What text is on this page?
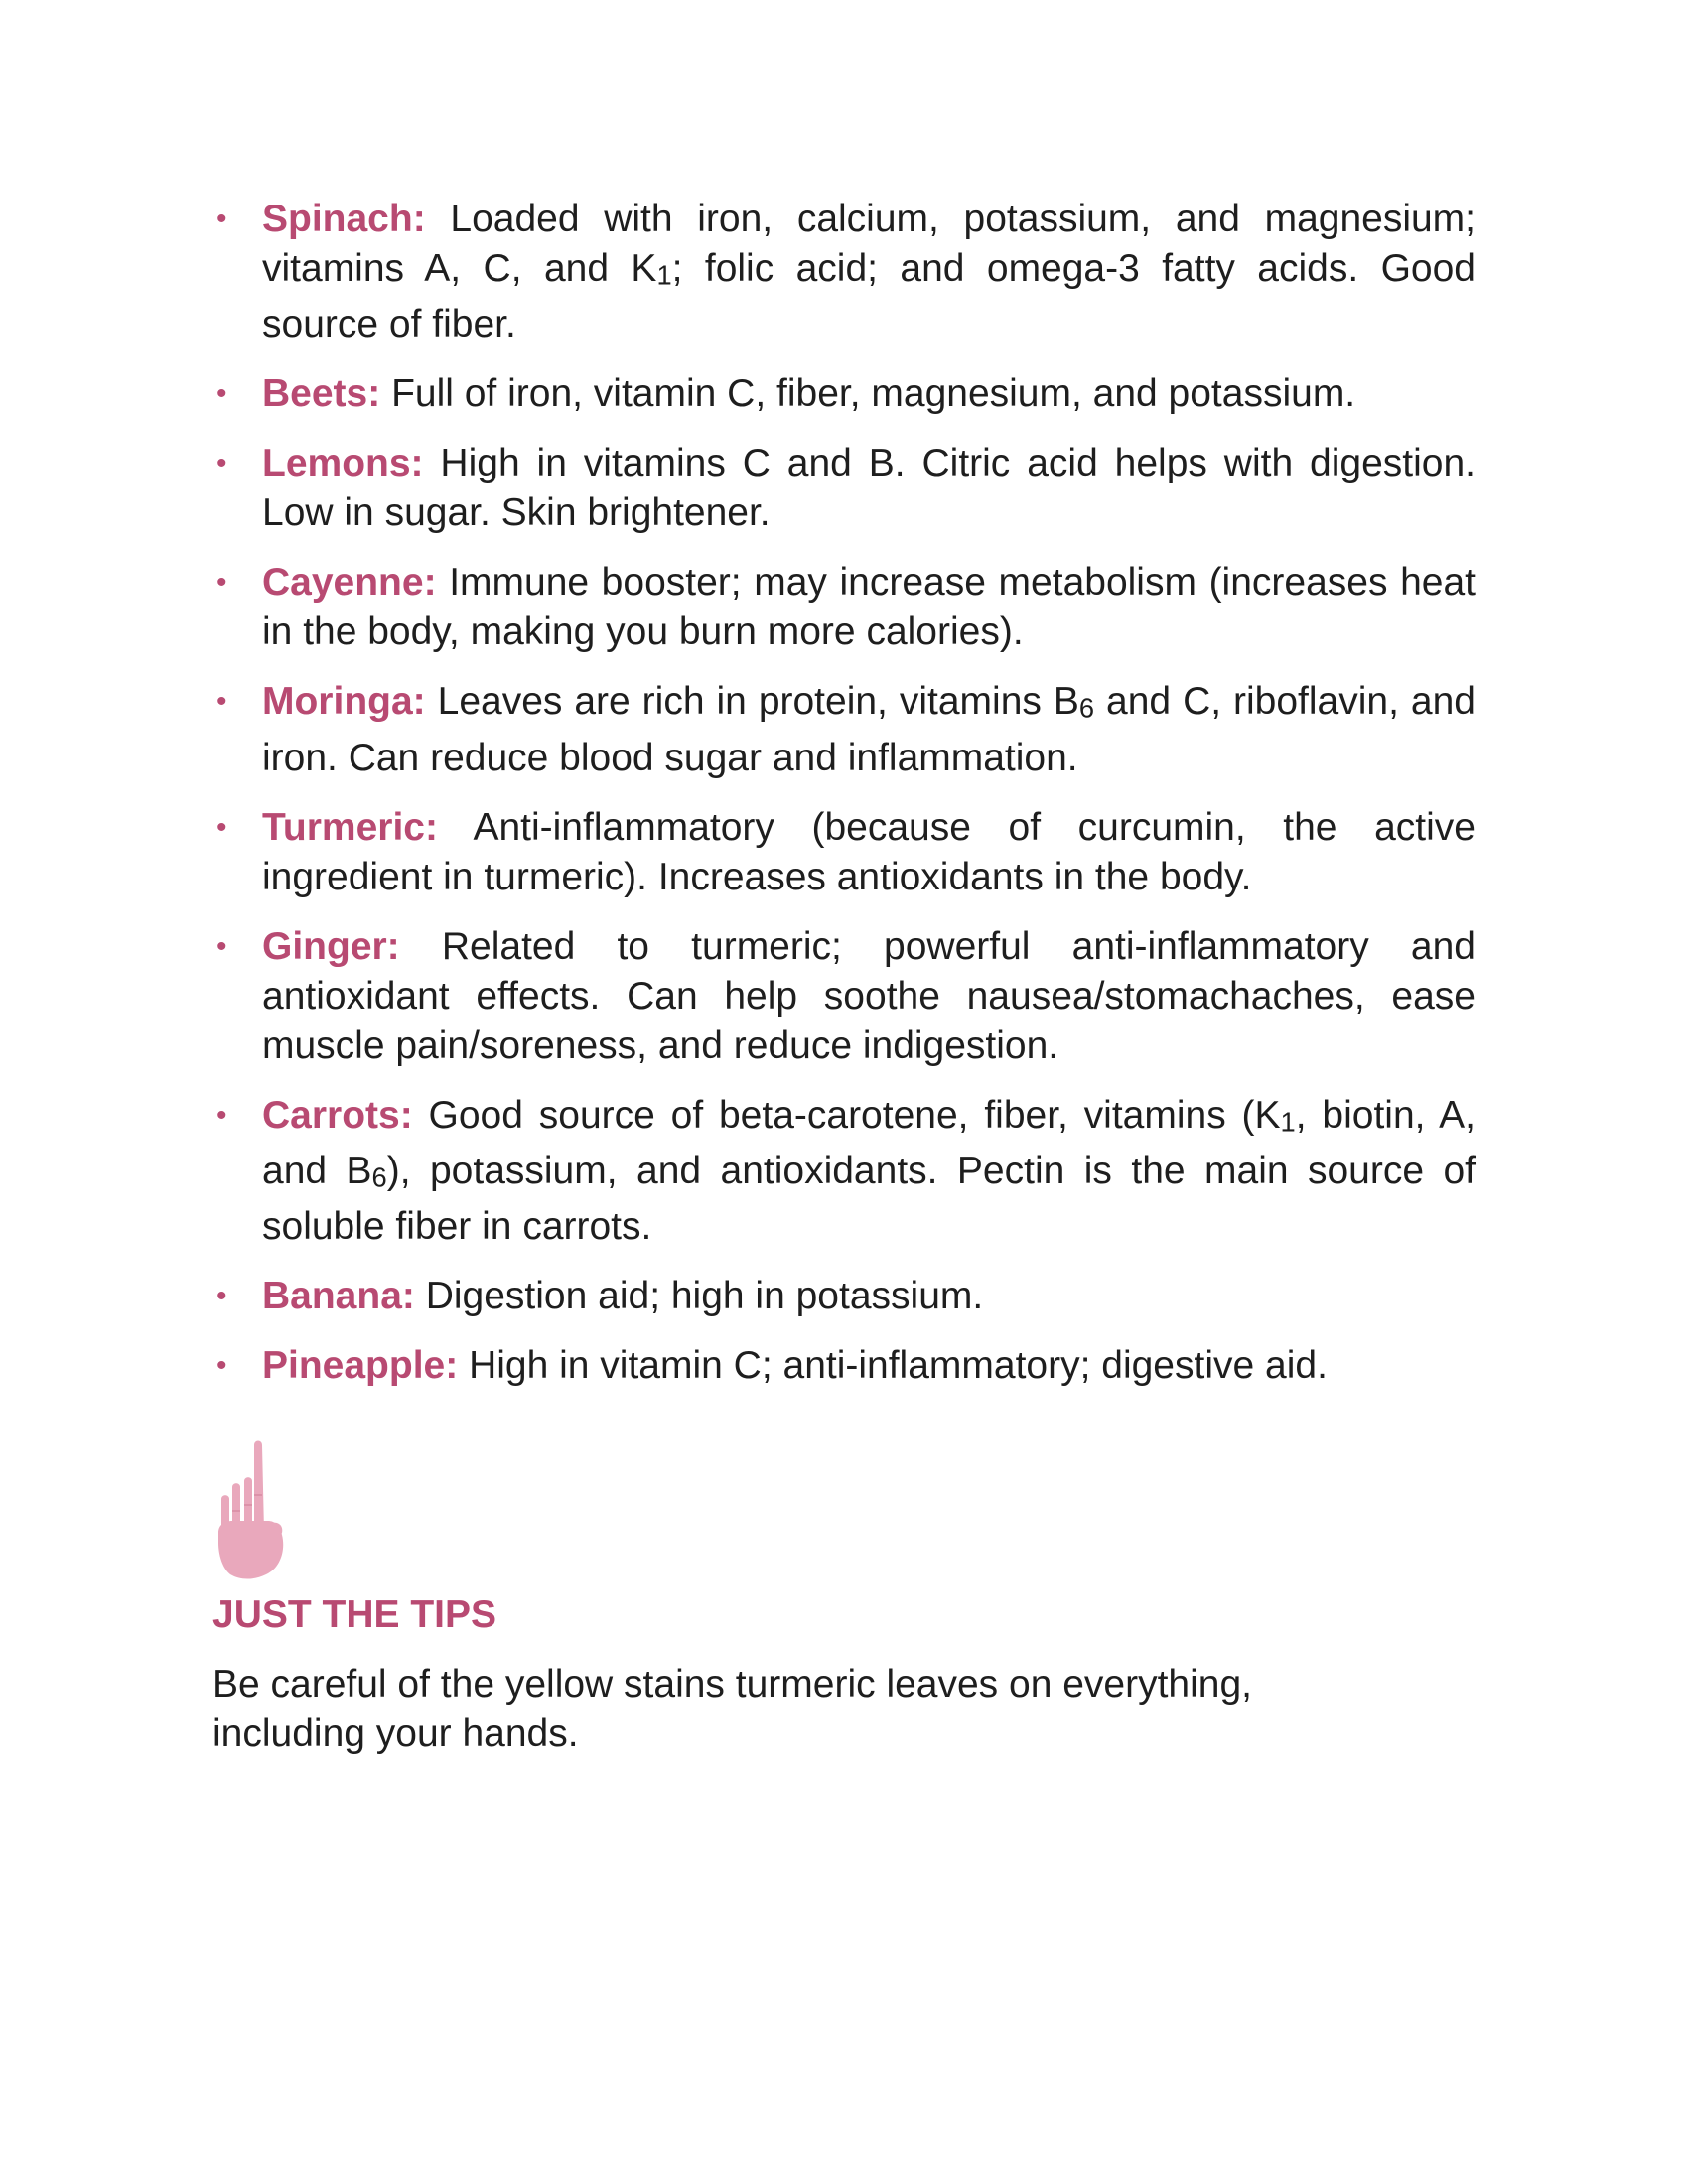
• Spinach: Loaded with iron, calcium, potassium, and magnesium; vitamins A, C, and K1; folic acid; and omega-3 fatty acids. Good source of fiber.
• Beets: Full of iron, vitamin C, fiber, magnesium, and potassium.
• Lemons: High in vitamins C and B. Citric acid helps with digestion. Low in sugar. Skin brightener.
• Cayenne: Immune booster; may increase metabolism (increases heat in the body, making you burn more calories).
• Moringa: Leaves are rich in protein, vitamins B6 and C, riboflavin, and iron. Can reduce blood sugar and inflammation.
• Turmeric: Anti-inflammatory (because of curcumin, the active ingredient in turmeric). Increases antioxidants in the body.
• Ginger: Related to turmeric; powerful anti-inflammatory and antioxidant effects. Can help soothe nausea/stomachaches, ease muscle pain/soreness, and reduce indigestion.
• Carrots: Good source of beta-carotene, fiber, vitamins (K1, biotin, A, and B6), potassium, and antioxidants. Pectin is the main source of soluble fiber in carrots.
• Banana: Digestion aid; high in potassium.
• Pineapple: High in vitamin C; anti-inflammatory; digestive aid.
JUST THE TIPS

Be careful of the yellow stains turmeric leaves on everything, including your hands.
